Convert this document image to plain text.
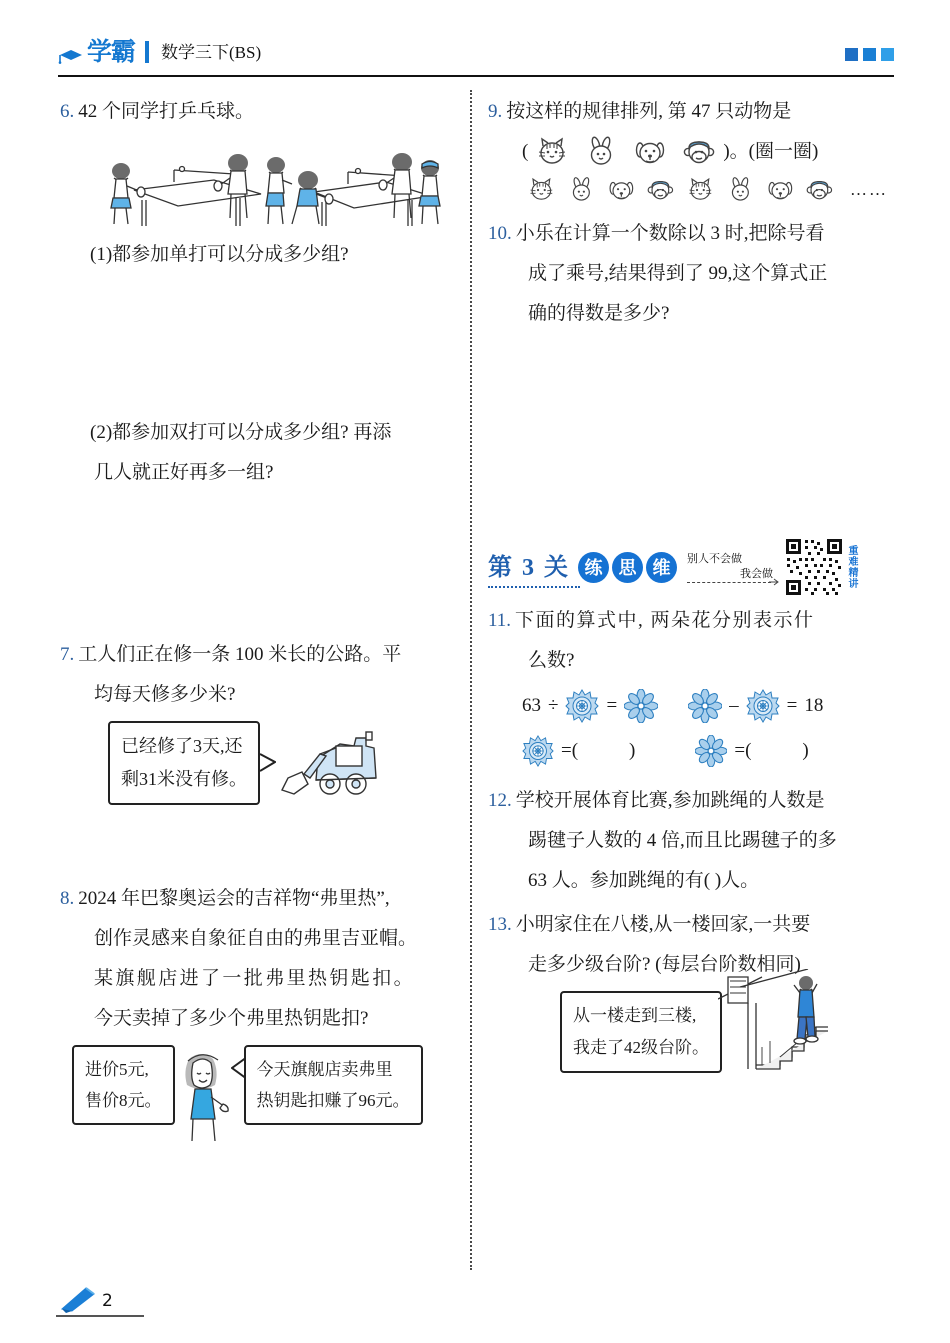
学霸 数学三下(BS)
6. 42 个同学打乒乓球。
(1)都参加单打可以分成多少组?
(2)都参加双打可以分成多少组? 再添
几人就正好再多一组?
7. 工人们正在修一条 100 米长的公路。平
均每天修多少米?
已经修了3天,还
剩31米没有修。
8. 2024 年巴黎奥运会的吉祥物“弗里热”,
创作灵感来自象征自由的弗里吉亚帽。
某旗舰店进了一批弗里热钥匙扣。
今天卖掉了多少个弗里热钥匙扣?
进价5元,
售价8元。
今天旗舰店卖弗里
热钥匙扣赚了96元。
9. 按这样的规律排列, 第 47 只动物是
(	)。(圈一圈)
……
10. 小乐在计算一个数除以 3 时,把除号看
成了乘号,结果得到了 99,这个算式正
确的得数是多少?
第 3 关 练 思 维	别人不会做
我会做	重难精讲
11. 下面的算式中, 两朵花分别表示什
么数?
63 ÷	=	–	= 18
=(	)	=(	)
12. 学校开展体育比赛,参加跳绳的人数是
踢毽子人数的 4 倍,而且比踢毽子的多
63 人。参加跳绳的有( )人。
13. 小明家住在八楼,从一楼回家,一共要
走多少级台阶? (每层台阶数相同)
从一楼走到三楼,
我走了42级台阶。
2
